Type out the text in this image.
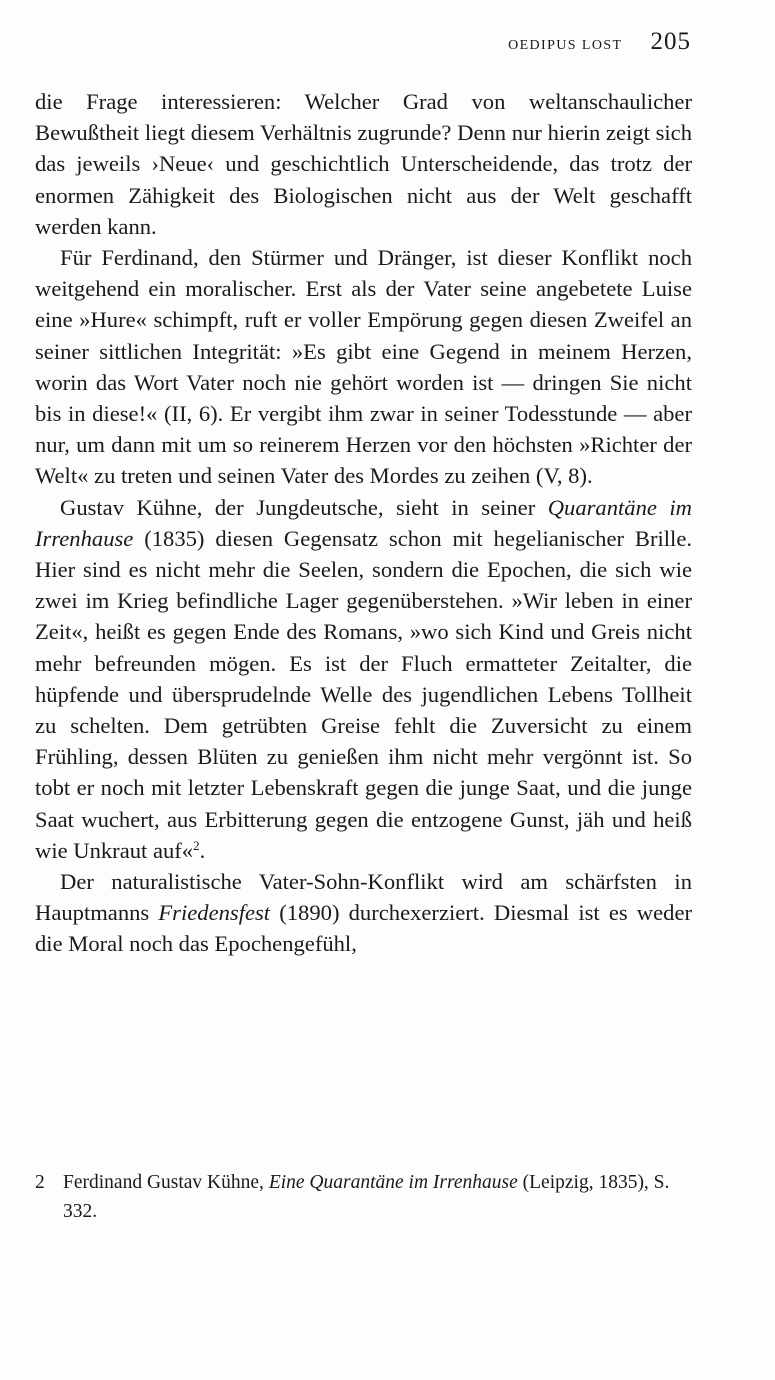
OEDIPUS LOST 205

die Frage interessieren: Welcher Grad von weltanschaulicher Bewußtheit liegt diesem Verhältnis zugrunde? Denn nur hierin zeigt sich das jeweils ›Neue‹ und geschichtlich Unterscheidende, das trotz der enormen Zähigkeit des Biologischen nicht aus der Welt geschafft werden kann.

Für Ferdinand, den Stürmer und Dränger, ist dieser Konflikt noch weitgehend ein moralischer. Erst als der Vater seine angebetete Luise eine »Hure« schimpft, ruft er voller Empörung gegen diesen Zweifel an seiner sittlichen Integrität: »Es gibt eine Gegend in meinem Herzen, worin das Wort Vater noch nie gehört worden ist — dringen Sie nicht bis in diese!« (II, 6). Er vergibt ihm zwar in seiner Todesstunde — aber nur, um dann mit um so reinerem Herzen vor den höchsten »Richter der Welt« zu treten und seinen Vater des Mordes zu zeihen (V, 8).

Gustav Kühne, der Jungdeutsche, sieht in seiner Quarantäne im Irrenhause (1835) diesen Gegensatz schon mit hegelianischer Brille. Hier sind es nicht mehr die Seelen, sondern die Epochen, die sich wie zwei im Krieg befindliche Lager gegenüberstehen. »Wir leben in einer Zeit«, heißt es gegen Ende des Romans, »wo sich Kind und Greis nicht mehr befreunden mögen. Es ist der Fluch ermatteter Zeitalter, die hüpfende und übersprudelnde Welle des jugendlichen Lebens Tollheit zu schelten. Dem getrübten Greise fehlt die Zuversicht zu einem Frühling, dessen Blüten zu genießen ihm nicht mehr vergönnt ist. So tobt er noch mit letzter Lebenskraft gegen die junge Saat, und die junge Saat wuchert, aus Erbitterung gegen die entzogene Gunst, jäh und heiß wie Unkraut auf«$^2$.

Der naturalistische Vater-Sohn-Konflikt wird am schärfsten in Hauptmanns Friedensfest (1890) durchexerziert. Diesmal ist es weder die Moral noch das Epochengefühl,

2 Ferdinand Gustav Kühne, Eine Quarantäne im Irrenhause (Leipzig, 1835), S. 332.
